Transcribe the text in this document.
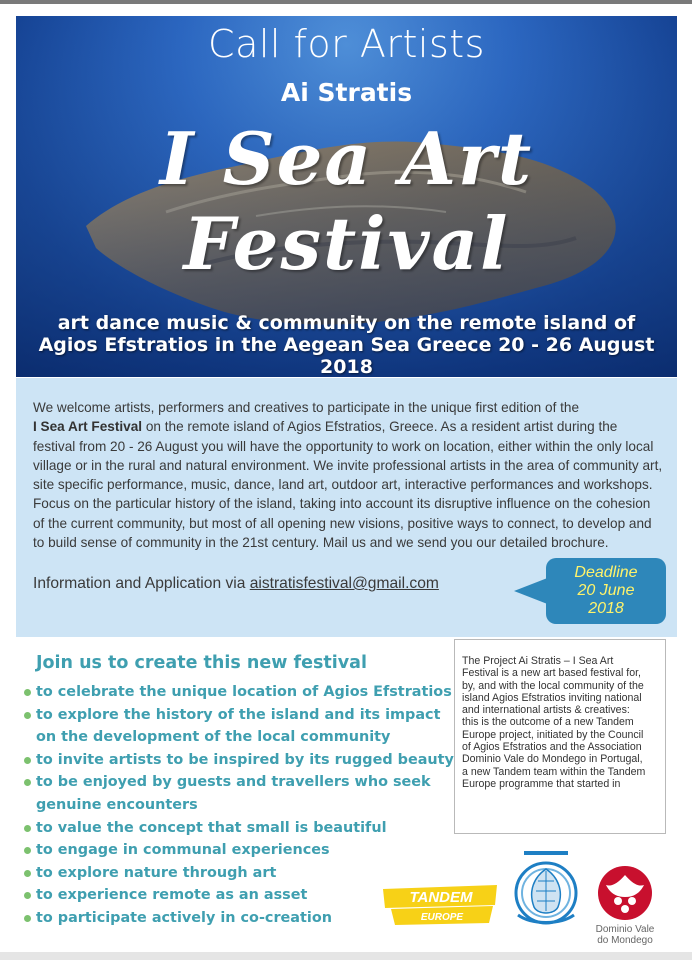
Call for Artists
Ai Stratis
I Sea Art Festival
art dance music & community on the remote island of
Agios Efstratios in the Aegean Sea Greece 20 - 26 August 2018
We welcome artists, performers and creatives to participate in the unique first edition of the
I Sea Art Festival on the remote island of Agios Efstratios, Greece. As a resident artist during the festival from 20 - 26 August you will have the opportunity to work on location, either within the only local village or in the rural and natural environment. We invite professional artists in the area of community art, site specific performance, music, dance, land art, outdoor art, interactive performances and workshops. Focus on the particular history of the island, taking into account its disruptive influence on the cohesion of the current community, but most of all opening new visions, positive ways to connect, to develop and to build sense of community in the 21st century. Mail us and we send you our detailed brochure.
Information and Application via aistratisfestival@gmail.com
Deadline
20 June
2018
Join us to create this new festival
to celebrate the unique location of Agios Efstratios
to explore the history of the island and its impact
on the development of the local community
to invite artists to be inspired by its rugged beauty
to be enjoyed by guests and travellers who seek
genuine encounters
to value the concept that small is beautiful
to engage in communal experiences
to explore nature through art
to experience remote as an asset
to participate actively in co-creation
The Project Ai Stratis – I Sea Art Festival is a new art based festival for, by, and with the local community of the island Agios Efstratios inviting national and international artists & creatives: this is the outcome of a new Tandem Europe project, initiated by the Council of Agios Efstratios and the Association Dominio Vale do Mondego in Portugal, a new Tandem team within the Tandem Europe programme that started in
TANDEM
EUROPE
Dominio Vale
do Mondego
